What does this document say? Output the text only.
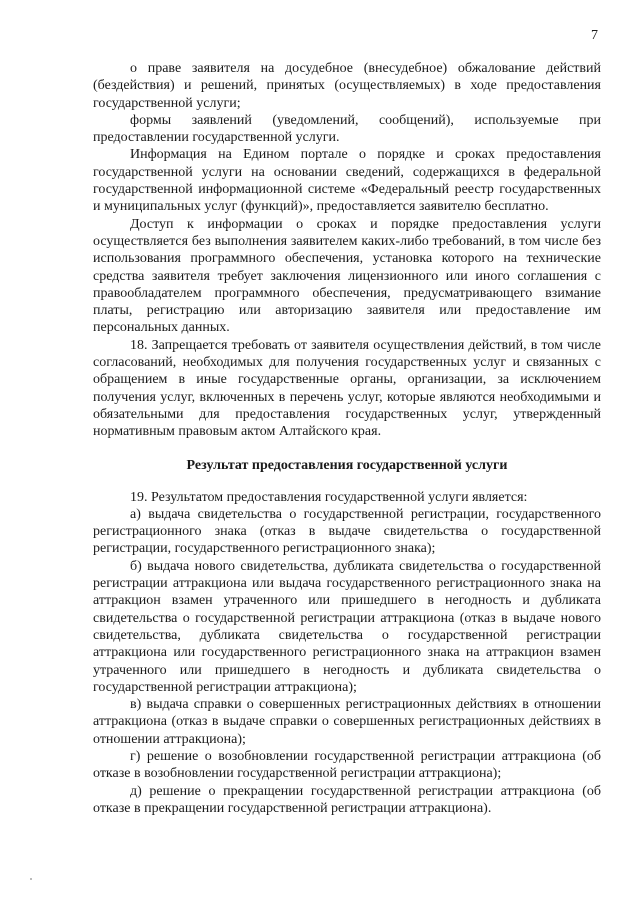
7

о праве заявителя на досудебное (внесудебное) обжалование действий (бездействия) и решений, принятых (осуществляемых) в ходе предоставления государственной услуги;

формы заявлений (уведомлений, сообщений), используемые при предоставлении государственной услуги.

Информация на Едином портале о порядке и сроках предоставления государственной услуги на основании сведений, содержащихся в федеральной государственной информационной системе «Федеральный реестр государственных и муниципальных услуг (функций)», предоставляется заявителю бесплатно.

Доступ к информации о сроках и порядке предоставления услуги осуществляется без выполнения заявителем каких-либо требований, в том числе без использования программного обеспечения, установка которого на технические средства заявителя требует заключения лицензионного или иного соглашения с правообладателем программного обеспечения, предусматривающего взимание платы, регистрацию или авторизацию заявителя или предоставление им персональных данных.

18. Запрещается требовать от заявителя осуществления действий, в том числе согласований, необходимых для получения государственных услуг и связанных с обращением в иные государственные органы, организации, за исключением получения услуг, включенных в перечень услуг, которые являются необходимыми и обязательными для предоставления государственных услуг, утвержденный нормативным правовым актом Алтайского края.

Результат предоставления государственной услуги

19. Результатом предоставления государственной услуги является:

а) выдача свидетельства о государственной регистрации, государственного регистрационного знака (отказ в выдаче свидетельства о государственной регистрации, государственного регистрационного знака);

б) выдача нового свидетельства, дубликата свидетельства о государственной регистрации аттракциона или выдача государственного регистрационного знака на аттракцион взамен утраченного или пришедшего в негодность и дубликата свидетельства о государственной регистрации аттракциона (отказ в выдаче нового свидетельства, дубликата свидетельства о государственной регистрации аттракциона или государственного регистрационного знака на аттракцион взамен утраченного или пришедшего в негодность и дубликата свидетельства о государственной регистрации аттракциона);

в) выдача справки о совершенных регистрационных действиях в отношении аттракциона (отказ в выдаче справки о совершенных регистрационных действиях в отношении аттракциона);

г) решение о возобновлении государственной регистрации аттракциона (об отказе в возобновлении государственной регистрации аттракциона);

д) решение о прекращении государственной регистрации аттракциона (об отказе в прекращении государственной регистрации аттракциона).
